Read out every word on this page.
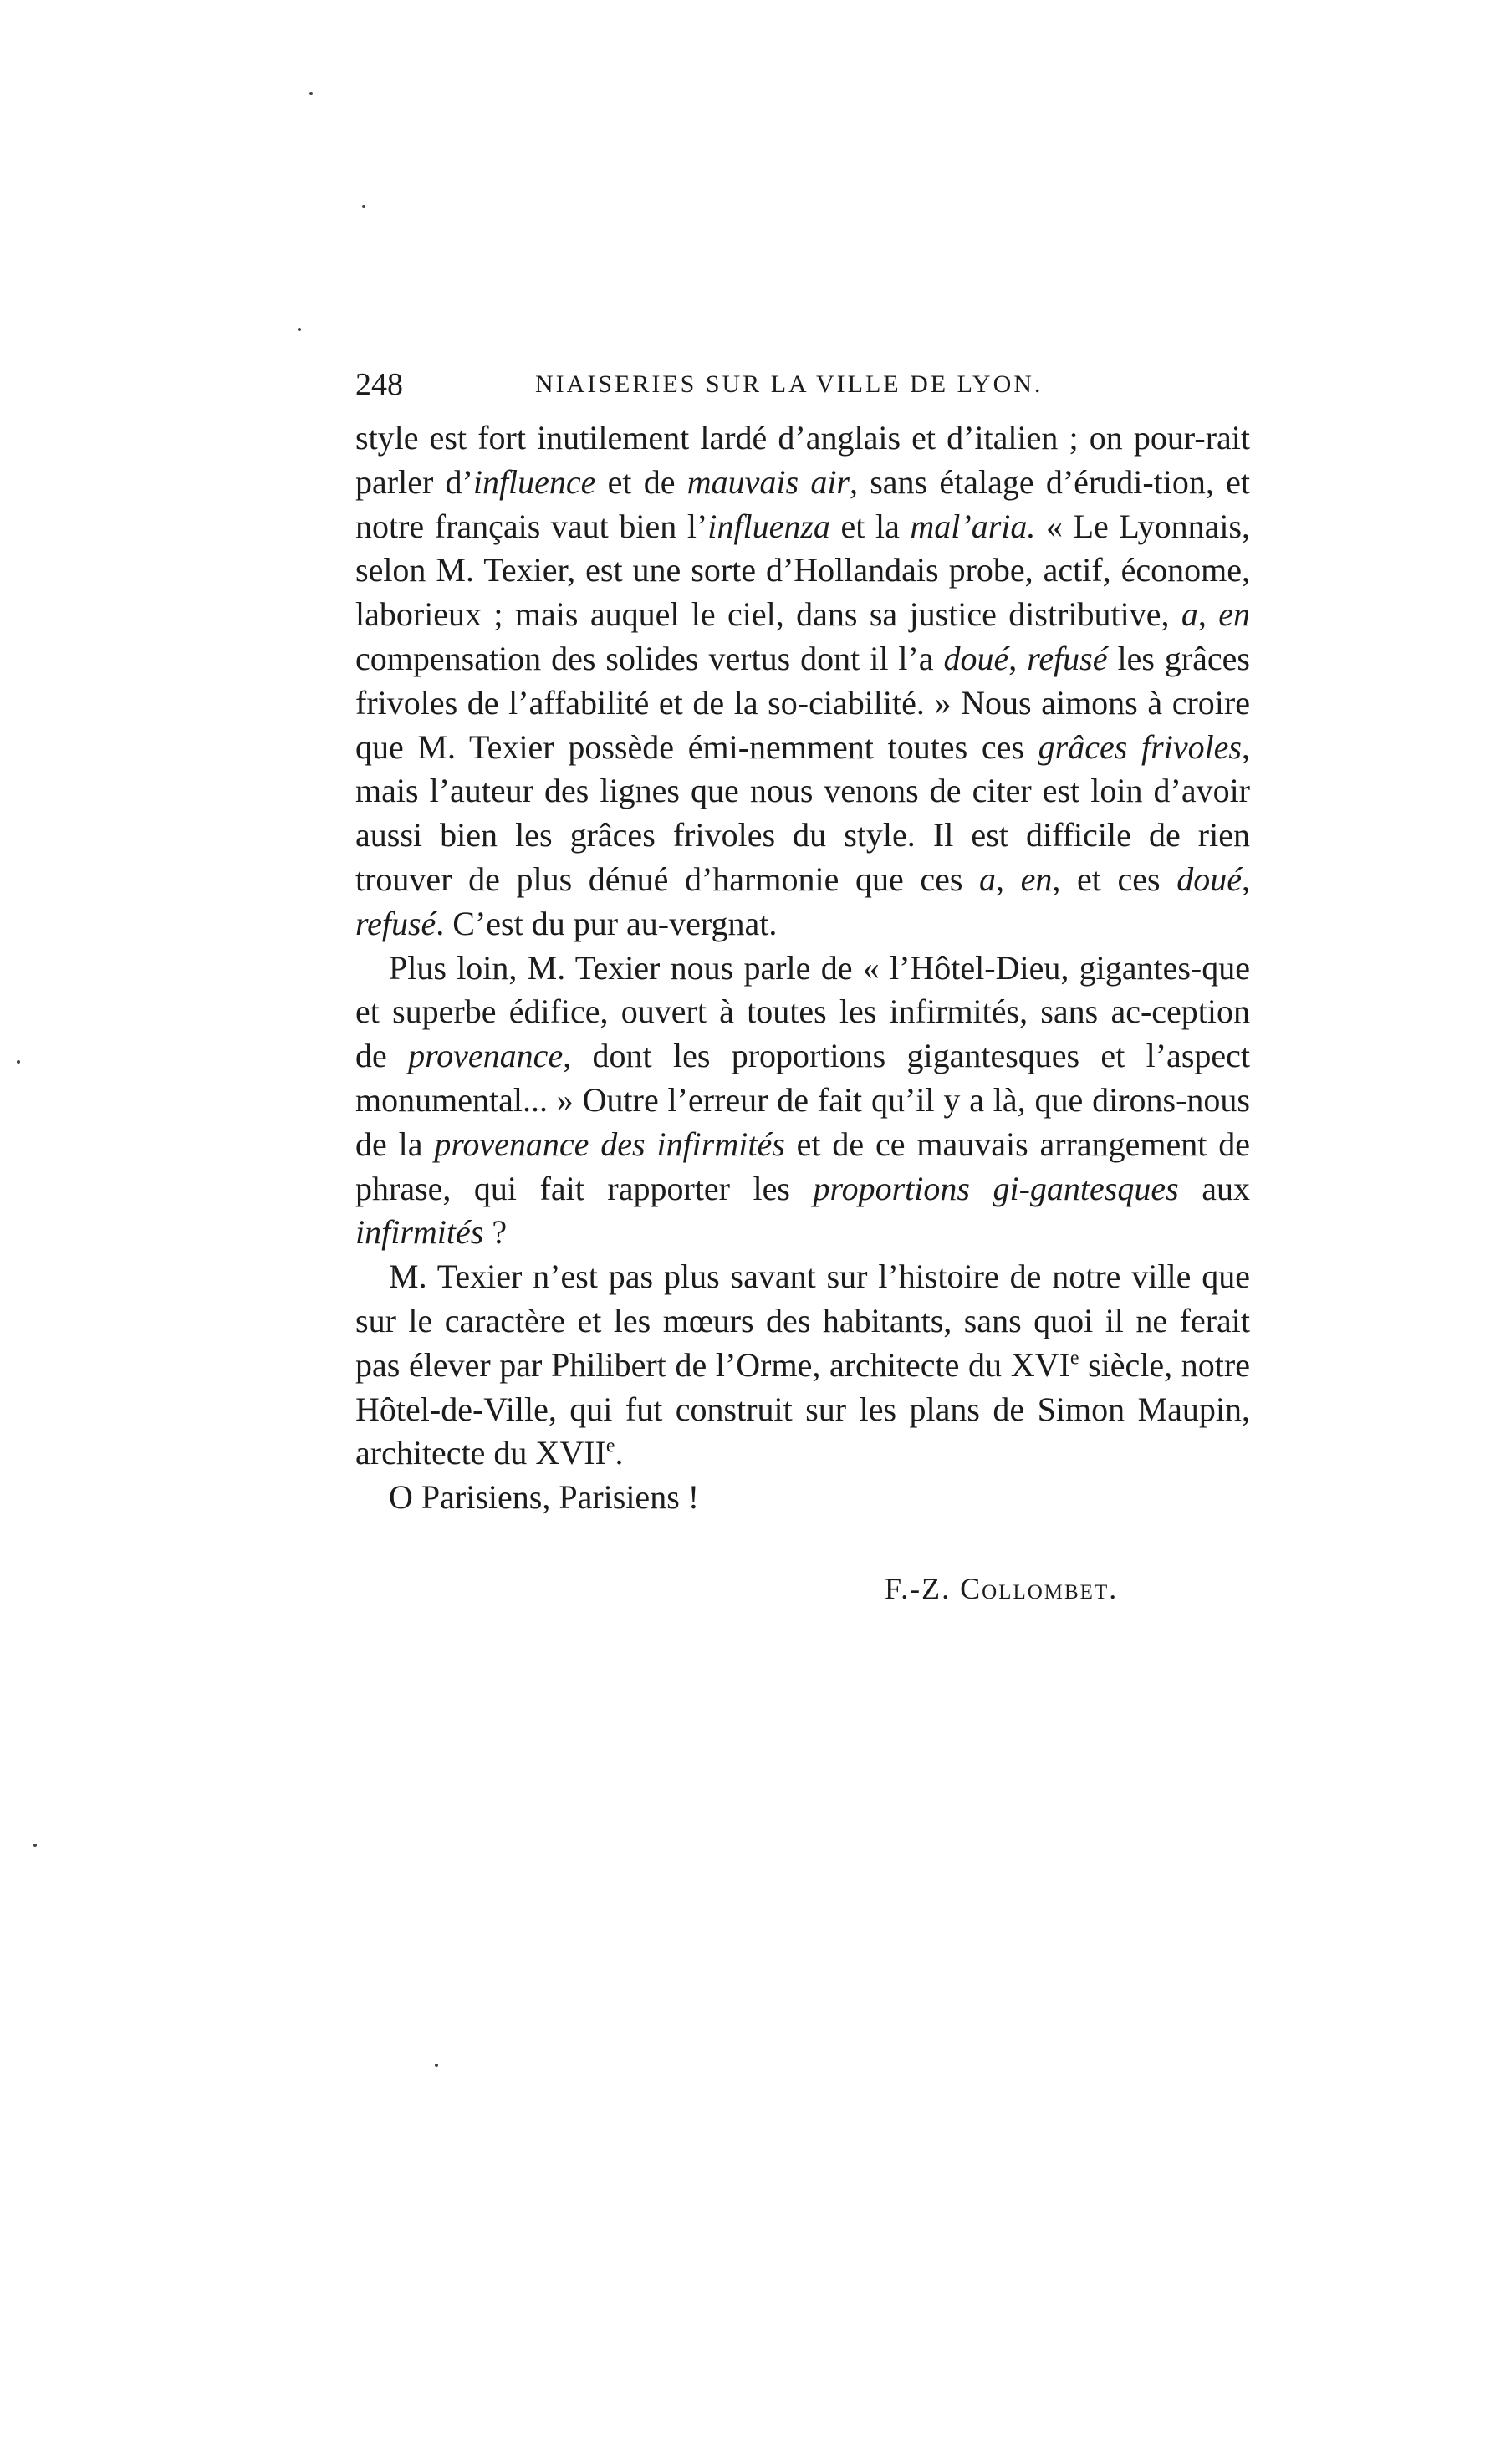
248	NIAISERIES SUR LA VILLE DE LYON.

style est fort inutilement lardé d’anglais et d’italien ; on pour-rait parler d’influence et de mauvais air, sans étalage d’érudi-tion, et notre français vaut bien l’influenza et la mal’aria. « Le Lyonnais, selon M. Texier, est une sorte d’Hollandais probe, actif, économe, laborieux ; mais auquel le ciel, dans sa justice distributive, a, en compensation des solides vertus dont il l’a doué, refusé les grâces frivoles de l’affabilité et de la so-ciabilité. » Nous aimons à croire que M. Texier possède émi-nemment toutes ces grâces frivoles, mais l’auteur des lignes que nous venons de citer est loin d’avoir aussi bien les grâces frivoles du style. Il est difficile de rien trouver de plus dénué d’harmonie que ces a, en, et ces doué, refusé. C’est du pur au-vergnat.

Plus loin, M. Texier nous parle de « l’Hôtel-Dieu, gigantes-que et superbe édifice, ouvert à toutes les infirmités, sans ac-ception de provenance, dont les proportions gigantesques et l’aspect monumental... » Outre l’erreur de fait qu’il y a là, que dirons-nous de la provenance des infirmités et de ce mauvais arrangement de phrase, qui fait rapporter les proportions gi-gantesques aux infirmités ?

M. Texier n’est pas plus savant sur l’histoire de notre ville que sur le caractère et les mœurs des habitants, sans quoi il ne ferait pas élever par Philibert de l’Orme, architecte du XVIe siècle, notre Hôtel-de-Ville, qui fut construit sur les plans de Simon Maupin, architecte du XVIIe.

O Parisiens, Parisiens !

F.-Z. Collombet.
